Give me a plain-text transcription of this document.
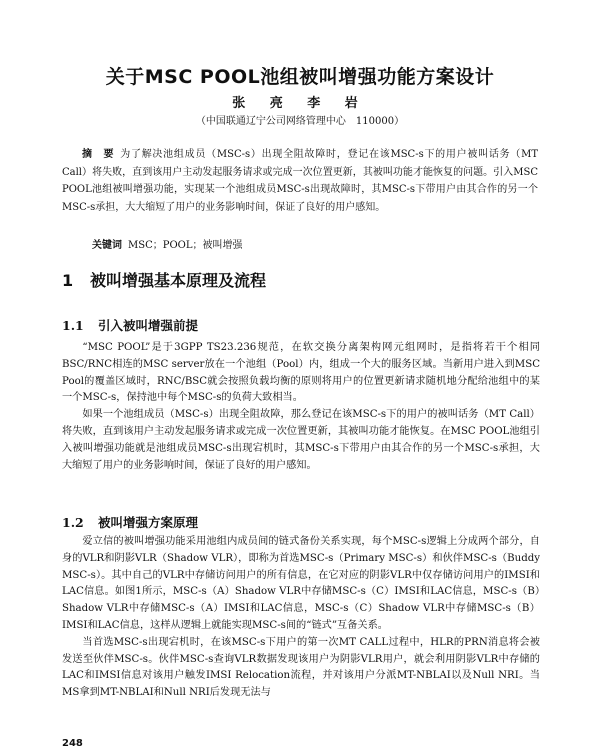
关于MSC POOL池组被叫增强功能方案设计
张 亮 李 岩
（中国联通辽宁公司网络管理中心　110000）
摘　要 为了解决池组成员（MSC-s）出现全阻故障时，登记在该MSC-s下的用户被叫话务（MT Call）将失败，直到该用户主动发起服务请求或完成一次位置更新，其被叫功能才能恢复的问题。引入MSC POOL池组被叫增强功能，实现某一个池组成员MSC-s出现故障时，其MSC-s下带用户由其合作的另一个MSC-s承担，大大缩短了用户的业务影响时间，保证了良好的用户感知。
关键词 MSC；POOL；被叫增强
1 被叫增强基本原理及流程
1.1 引入被叫增强前提

“MSC POOL”是于3GPP TS23.236规范，在软交换分离架构网元组网时，是指将若干个相同BSC/RNC相连的MSC server放在一个池组（Pool）内，组成一个大的服务区域。当新用户进入到MSC Pool的覆盖区域时，RNC/BSC就会按照负载均衡的原则将用户的位置更新请求随机地分配给池组中的某一个MSC-s，保持池中每个MSC-s的负荷大致相当。

如果一个池组成员（MSC-s）出现全阻故障，那么登记在该MSC-s下的用户的被叫话务（MT Call）将失败，直到该用户主动发起服务请求或完成一次位置更新，其被叫功能才能恢复。在MSC POOL池组引入被叫增强功能就是池组成员MSC-s出现宕机时，其MSC-s下带用户由其合作的另一个MSC-s承担，大大缩短了用户的业务影响时间，保证了良好的用户感知。

1.2 被叫增强方案原理

爱立信的被叫增强功能采用池组内成员间的链式备份关系实现，每个MSC-s逻辑上分成两个部分，自身的VLR和阴影VLR（Shadow VLR），即称为首选MSC-s（Primary MSC-s）和伙伴MSC-s（Buddy MSC-s）。其中自己的VLR中存储访问用户的所有信息，在它对应的阴影VLR中仅存储访问用户的IMSI和LAC信息。如图1所示，MSC-s（A）Shadow VLR中存储MSC-s（C）IMSI和LAC信息，MSC-s（B）Shadow VLR中存储MSC-s（A）IMSI和LAC信息，MSC-s（C）Shadow VLR中存储MSC-s（B）IMSI和LAC信息，这样从逻辑上就能实现MSC-s间的“链式”互备关系。

当首选MSC-s出现宕机时，在该MSC-s下用户的第一次MT CALL过程中，HLR的PRN消息将会被发送至伙伴MSC-s。伙伴MSC-s查询VLR数据发现该用户为阴影VLR用户，就会利用阴影VLR中存储的LAC和IMSI信息对该用户触发IMSI Relocation流程，并对该用户分派MT-NBLAI以及Null NRI。当MS拿到MT-NBLAI和Null NRI后发现无法与

248
